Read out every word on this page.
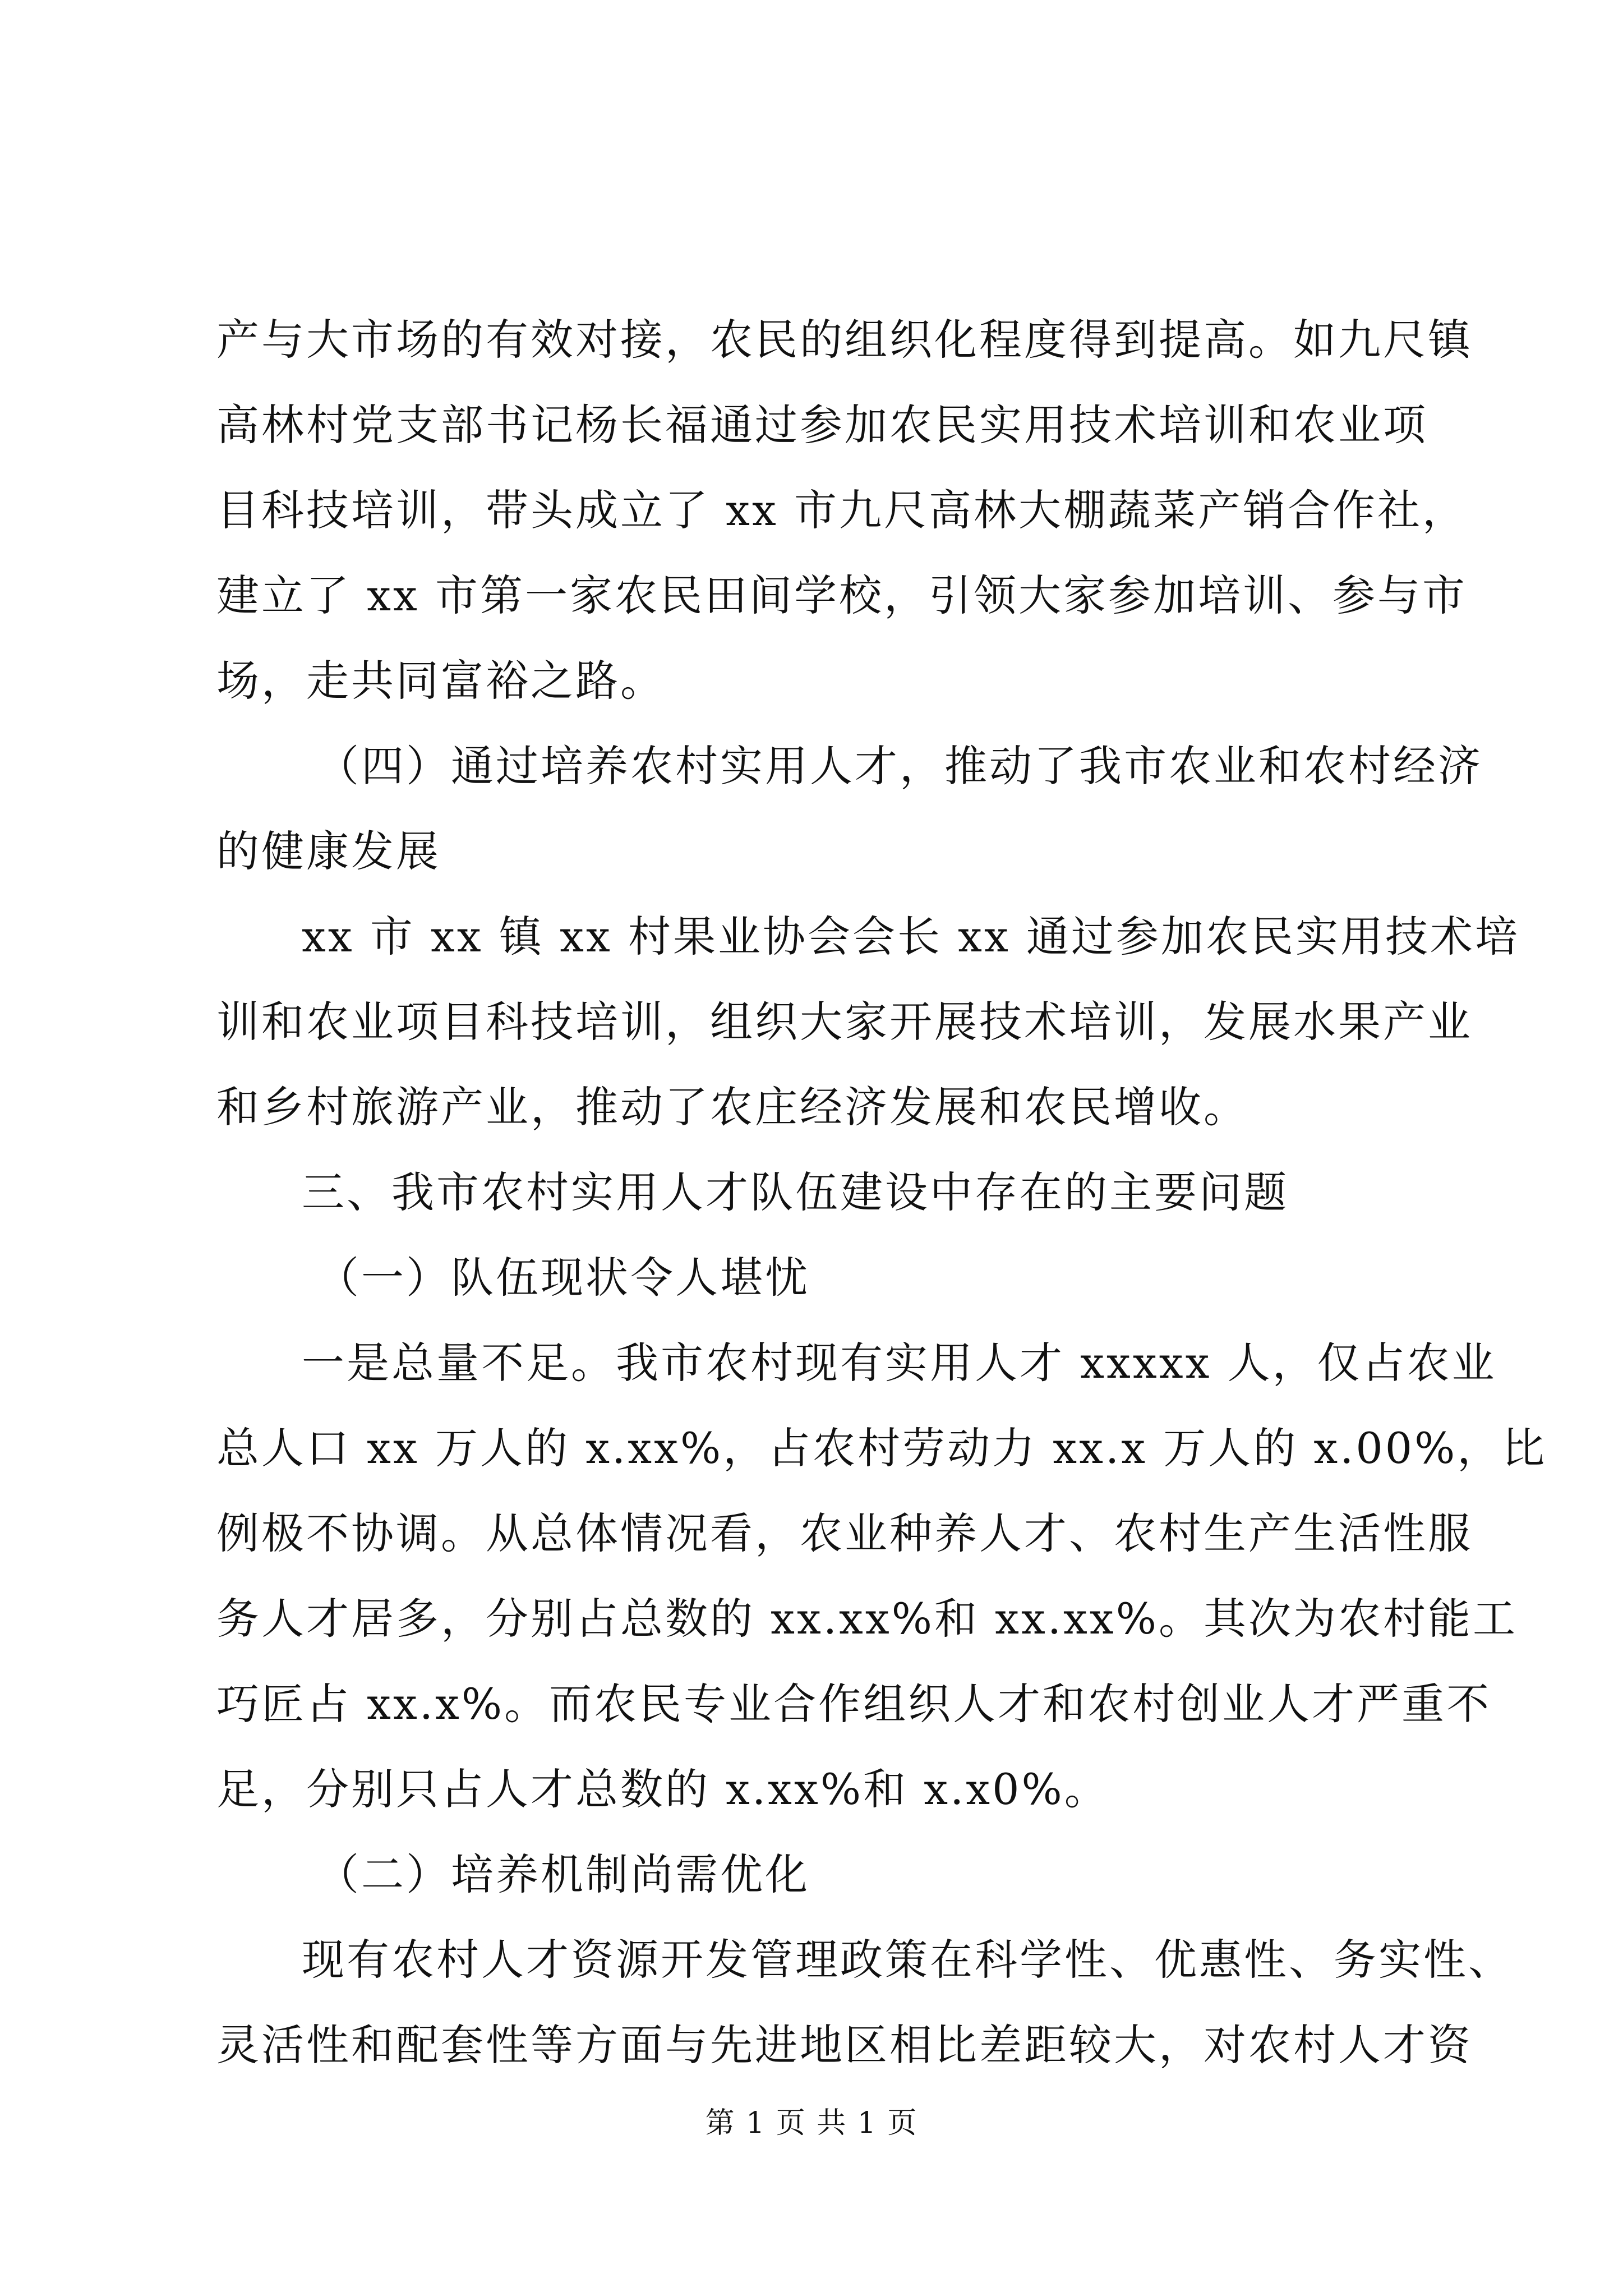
产与大市场的有效对接，农民的组织化程度得到提高。如九尺镇
高林村党支部书记杨长福通过参加农民实用技术培训和农业项
目科技培训，带头成立了 xx 市九尺高林大棚蔬菜产销合作社，
建立了 xx 市第一家农民田间学校，引领大家参加培训、参与市
场，走共同富裕之路。
（四）通过培养农村实用人才，推动了我市农业和农村经济
的健康发展
xx 市 xx 镇 xx 村果业协会会长 xx 通过参加农民实用技术培
训和农业项目科技培训，组织大家开展技术培训，发展水果产业
和乡村旅游产业，推动了农庄经济发展和农民增收。
三、我市农村实用人才队伍建设中存在的主要问题
（一）队伍现状令人堪忧
一是总量不足。我市农村现有实用人才 xxxxx 人，仅占农业
总人口 xx 万人的 x.xx%，占农村劳动力 xx.x 万人的 x.00%，比
例极不协调。从总体情况看，农业种养人才、农村生产生活性服
务人才居多，分别占总数的 xx.xx%和 xx.xx%。其次为农村能工
巧匠占 xx.x%。而农民专业合作组织人才和农村创业人才严重不
足，分别只占人才总数的 x.xx%和 x.x0%。
（二）培养机制尚需优化
现有农村人才资源开发管理政策在科学性、优惠性、务实性、
灵活性和配套性等方面与先进地区相比差距较大，对农村人才资
第 1 页 共 1 页
